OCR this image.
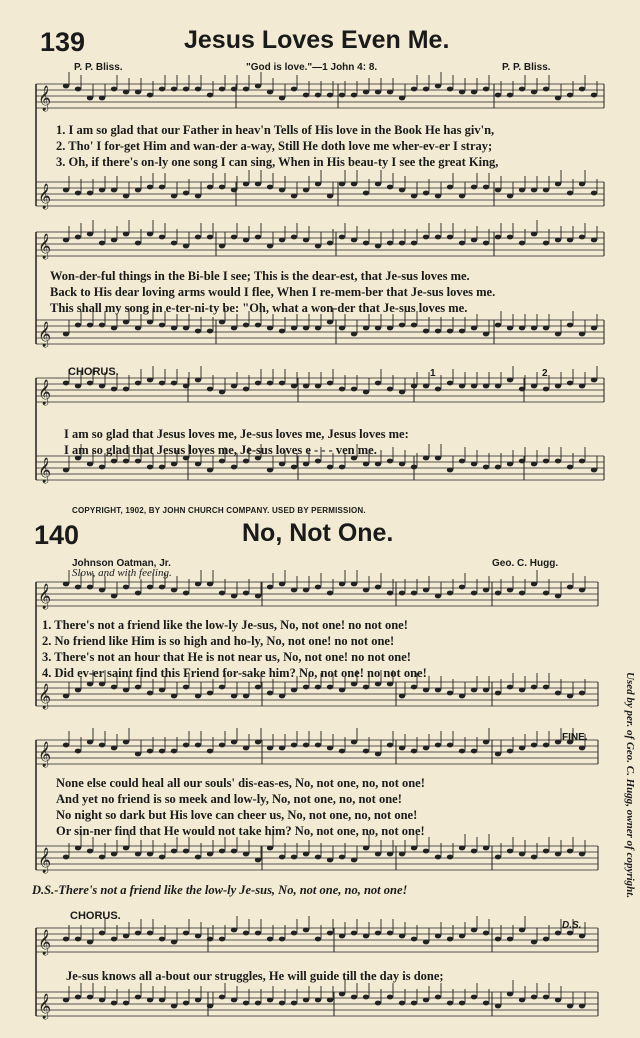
𝄞
𝄞
𝄞
𝄞
𝄞
𝄞
𝄞
𝄞
𝄞
𝄞
𝄞
𝄞
139	Jesus Loves Even Me.
P. P. Bliss.	"God is love."—1 John 4: 8.	P. P. Bliss.
1. I am so glad that our Father in heav'n Tells of His love in the Book He has giv'n,
2. Tho' I for-get Him and wan-der a-way, Still He doth love me wher-ev-er I stray;
3. Oh, if there's on-ly one song I can sing, When in His beau-ty I see the great King,
Won-der-ful things in the Bi-ble I see; This is the dear-est, that Je-sus loves me.
Back to His dear loving arms would I flee, When I re-mem-ber that Je-sus loves me.
This shall my song in e-ter-ni-ty be: "Oh, what a won-der that Je-sus loves me.
CHORUS.	1	2
I am so glad that Jesus loves me, Je-sus loves me, Jesus loves me:
I am so glad that Jesus loves me, Je-sus loves e - - - ven me.
COPYRIGHT, 1902, BY JOHN CHURCH COMPANY. USED BY PERMISSION.
140	No, Not One.
Johnson Oatman, Jr.
Slow, and with feeling.
Geo. C. Hugg.
1. There's not a friend like the low-ly Je-sus, No, not one! no not one!
2. No friend like Him is so high and ho-ly, No, not one! no not one!
3. There's not an hour that He is not near us, No, not one! no not one!
4. Did ev-er saint find this Friend for-sake him? No, not one! no not one!
FINE.
None else could heal all our souls' dis-eas-es, No, not one, no, not one!
And yet no friend is so meek and low-ly, No, not one, no, not one!
No night so dark but His love can cheer us, No, not one, no, not one!
Or sin-ner find that He would not take him? No, not one, no, not one!
D.S.-There's not a friend like the low-ly Je-sus, No, not one, no, not one!
CHORUS.
D.S.
Je-sus knows all a-bout our struggles, He will guide till the day is done;
Used by per. of Geo. C. Hugg, owner of copyright.
